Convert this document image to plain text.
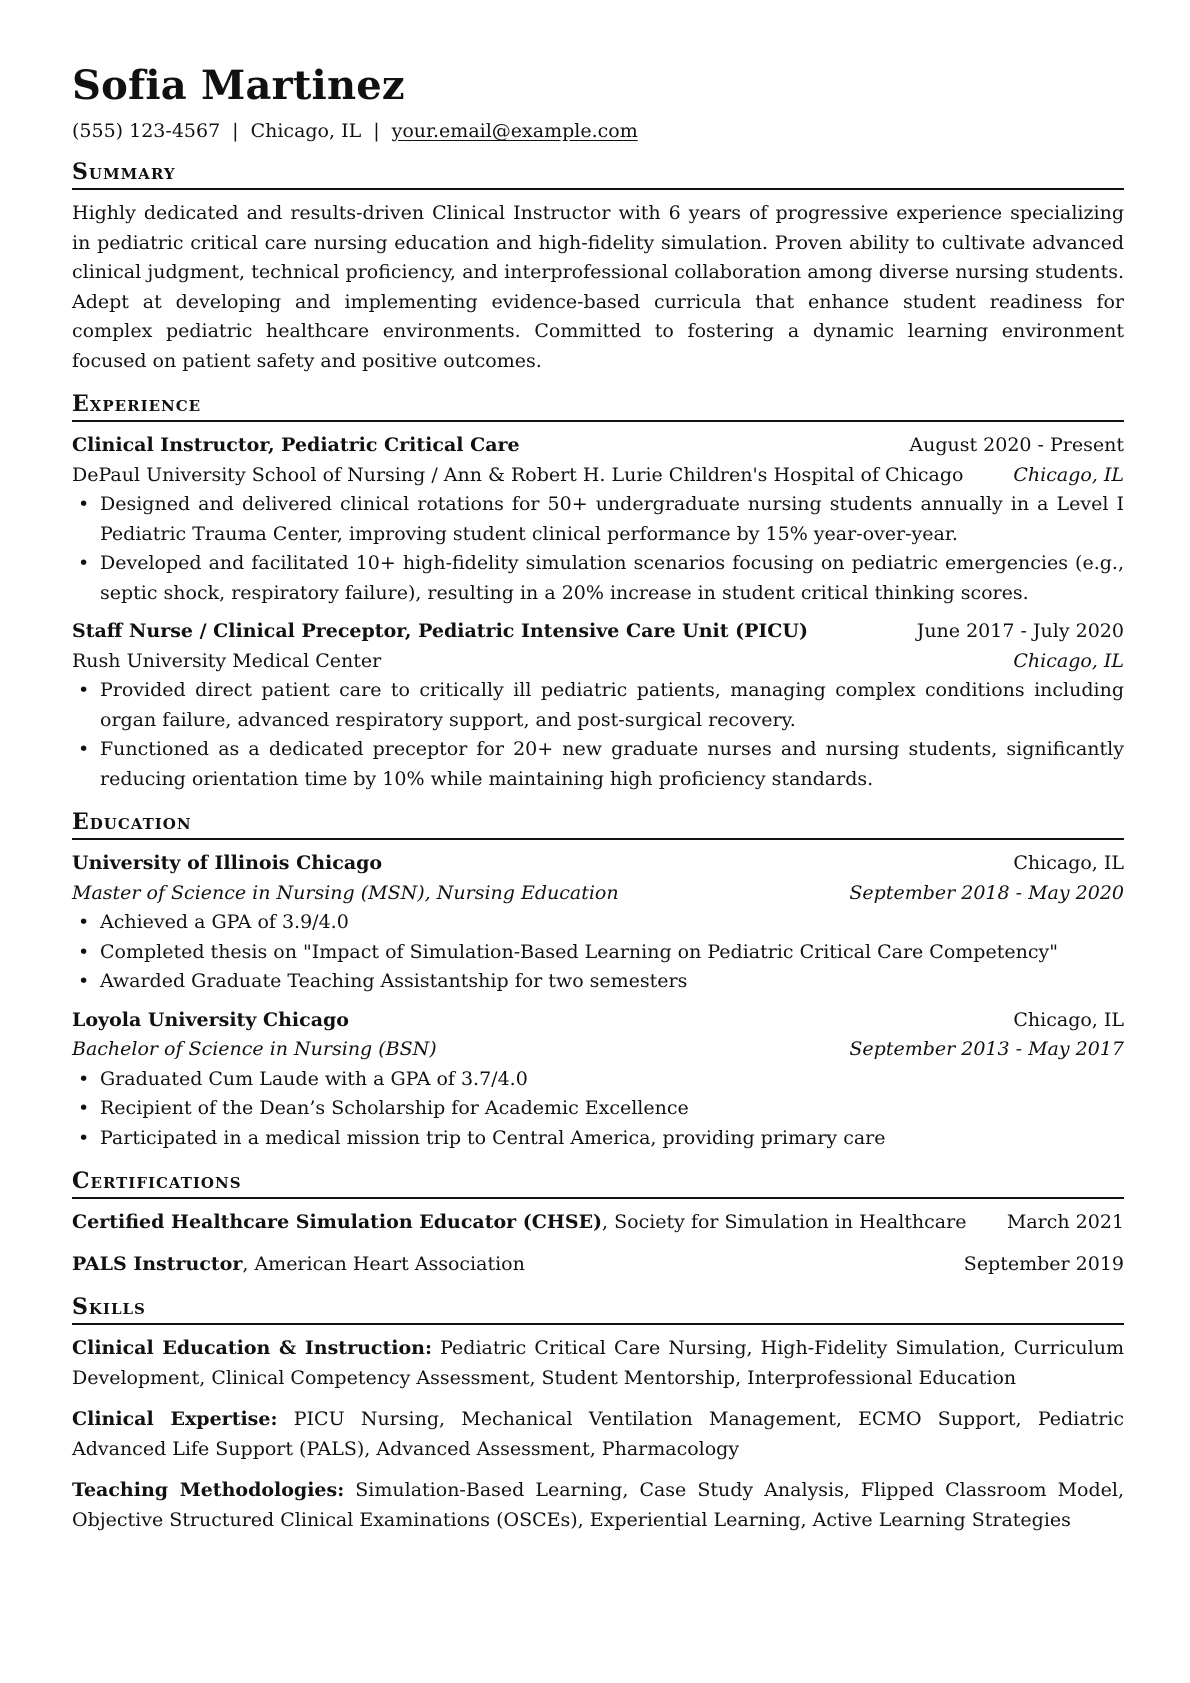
Sofia Martinez
(555) 123-4567 | Chicago, IL | your.email@example.com
Summary
Highly dedicated and results-driven Clinical Instructor with 6 years of progressive experience specializing in pediatric critical care nursing education and high-fidelity simulation. Proven ability to cultivate advanced clinical judgment, technical proficiency, and interprofessional collaboration among diverse nursing students. Adept at developing and implementing evidence-based curricula that enhance student readiness for complex pediatric healthcare environments. Committed to fostering a dynamic learning environment focused on patient safety and positive outcomes.
Experience
Clinical Instructor, Pediatric Critical Care	August 2020 - Present
DePaul University School of Nursing / Ann & Robert H. Lurie Children's Hospital of Chicago	Chicago, IL
• Designed and delivered clinical rotations for 50+ undergraduate nursing students annually in a Level I Pediatric Trauma Center, improving student clinical performance by 15% year-over-year.
• Developed and facilitated 10+ high-fidelity simulation scenarios focusing on pediatric emergencies (e.g., septic shock, respiratory failure), resulting in a 20% increase in student critical thinking scores.
Staff Nurse / Clinical Preceptor, Pediatric Intensive Care Unit (PICU)	June 2017 - July 2020
Rush University Medical Center	Chicago, IL
• Provided direct patient care to critically ill pediatric patients, managing complex conditions including organ failure, advanced respiratory support, and post-surgical recovery.
• Functioned as a dedicated preceptor for 20+ new graduate nurses and nursing students, significantly reducing orientation time by 10% while maintaining high proficiency standards.
Education
University of Illinois Chicago	Chicago, IL
Master of Science in Nursing (MSN), Nursing Education	September 2018 - May 2020
• Achieved a GPA of 3.9/4.0
• Completed thesis on "Impact of Simulation-Based Learning on Pediatric Critical Care Competency"
• Awarded Graduate Teaching Assistantship for two semesters
Loyola University Chicago	Chicago, IL
Bachelor of Science in Nursing (BSN)	September 2013 - May 2017
• Graduated Cum Laude with a GPA of 3.7/4.0
• Recipient of the Dean’s Scholarship for Academic Excellence
• Participated in a medical mission trip to Central America, providing primary care
Certifications
Certified Healthcare Simulation Educator (CHSE), Society for Simulation in Healthcare March 2021
PALS Instructor, American Heart Association	September 2019
Skills
Clinical Education & Instruction: Pediatric Critical Care Nursing, High-Fidelity Simulation, Curriculum Development, Clinical Competency Assessment, Student Mentorship, Interprofessional Education
Clinical Expertise: PICU Nursing, Mechanical Ventilation Management, ECMO Support, Pediatric Advanced Life Support (PALS), Advanced Assessment, Pharmacology
Teaching Methodologies: Simulation-Based Learning, Case Study Analysis, Flipped Classroom Model, Objective Structured Clinical Examinations (OSCEs), Experiential Learning, Active Learning Strategies
